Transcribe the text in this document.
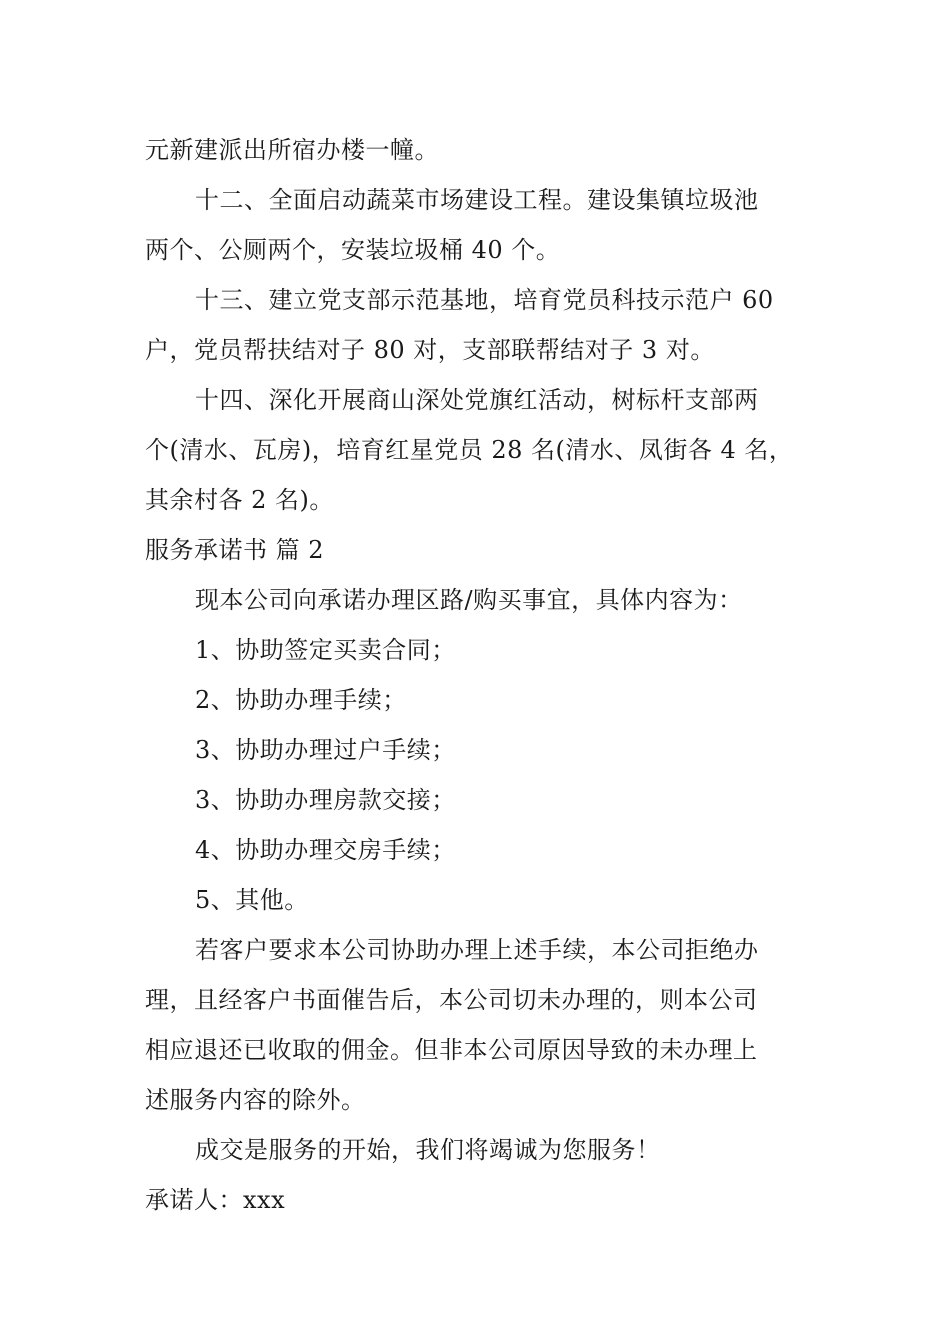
元新建派出所宿办楼一幢。
十二、全面启动蔬菜市场建设工程。建设集镇垃圾池
两个、公厕两个，安装垃圾桶 40 个。
十三、建立党支部示范基地，培育党员科技示范户 60
户，党员帮扶结对子 80 对，支部联帮结对子 3 对。
十四、深化开展商山深处党旗红活动，树标杆支部两
个(清水、瓦房)，培育红星党员 28 名(清水、凤街各 4 名，
其余村各 2 名)。
服务承诺书 篇 2
现本公司向承诺办理区路/购买事宜，具体内容为：
1、协助签定买卖合同；
2、协助办理手续；
3、协助办理过户手续；
3、协助办理房款交接；
4、协助办理交房手续；
5、其他。
若客户要求本公司协助办理上述手续，本公司拒绝办
理，且经客户书面催告后，本公司切未办理的，则本公司
相应退还已收取的佣金。但非本公司原因导致的未办理上
述服务内容的除外。
成交是服务的开始，我们将竭诚为您服务！
承诺人：xxx
